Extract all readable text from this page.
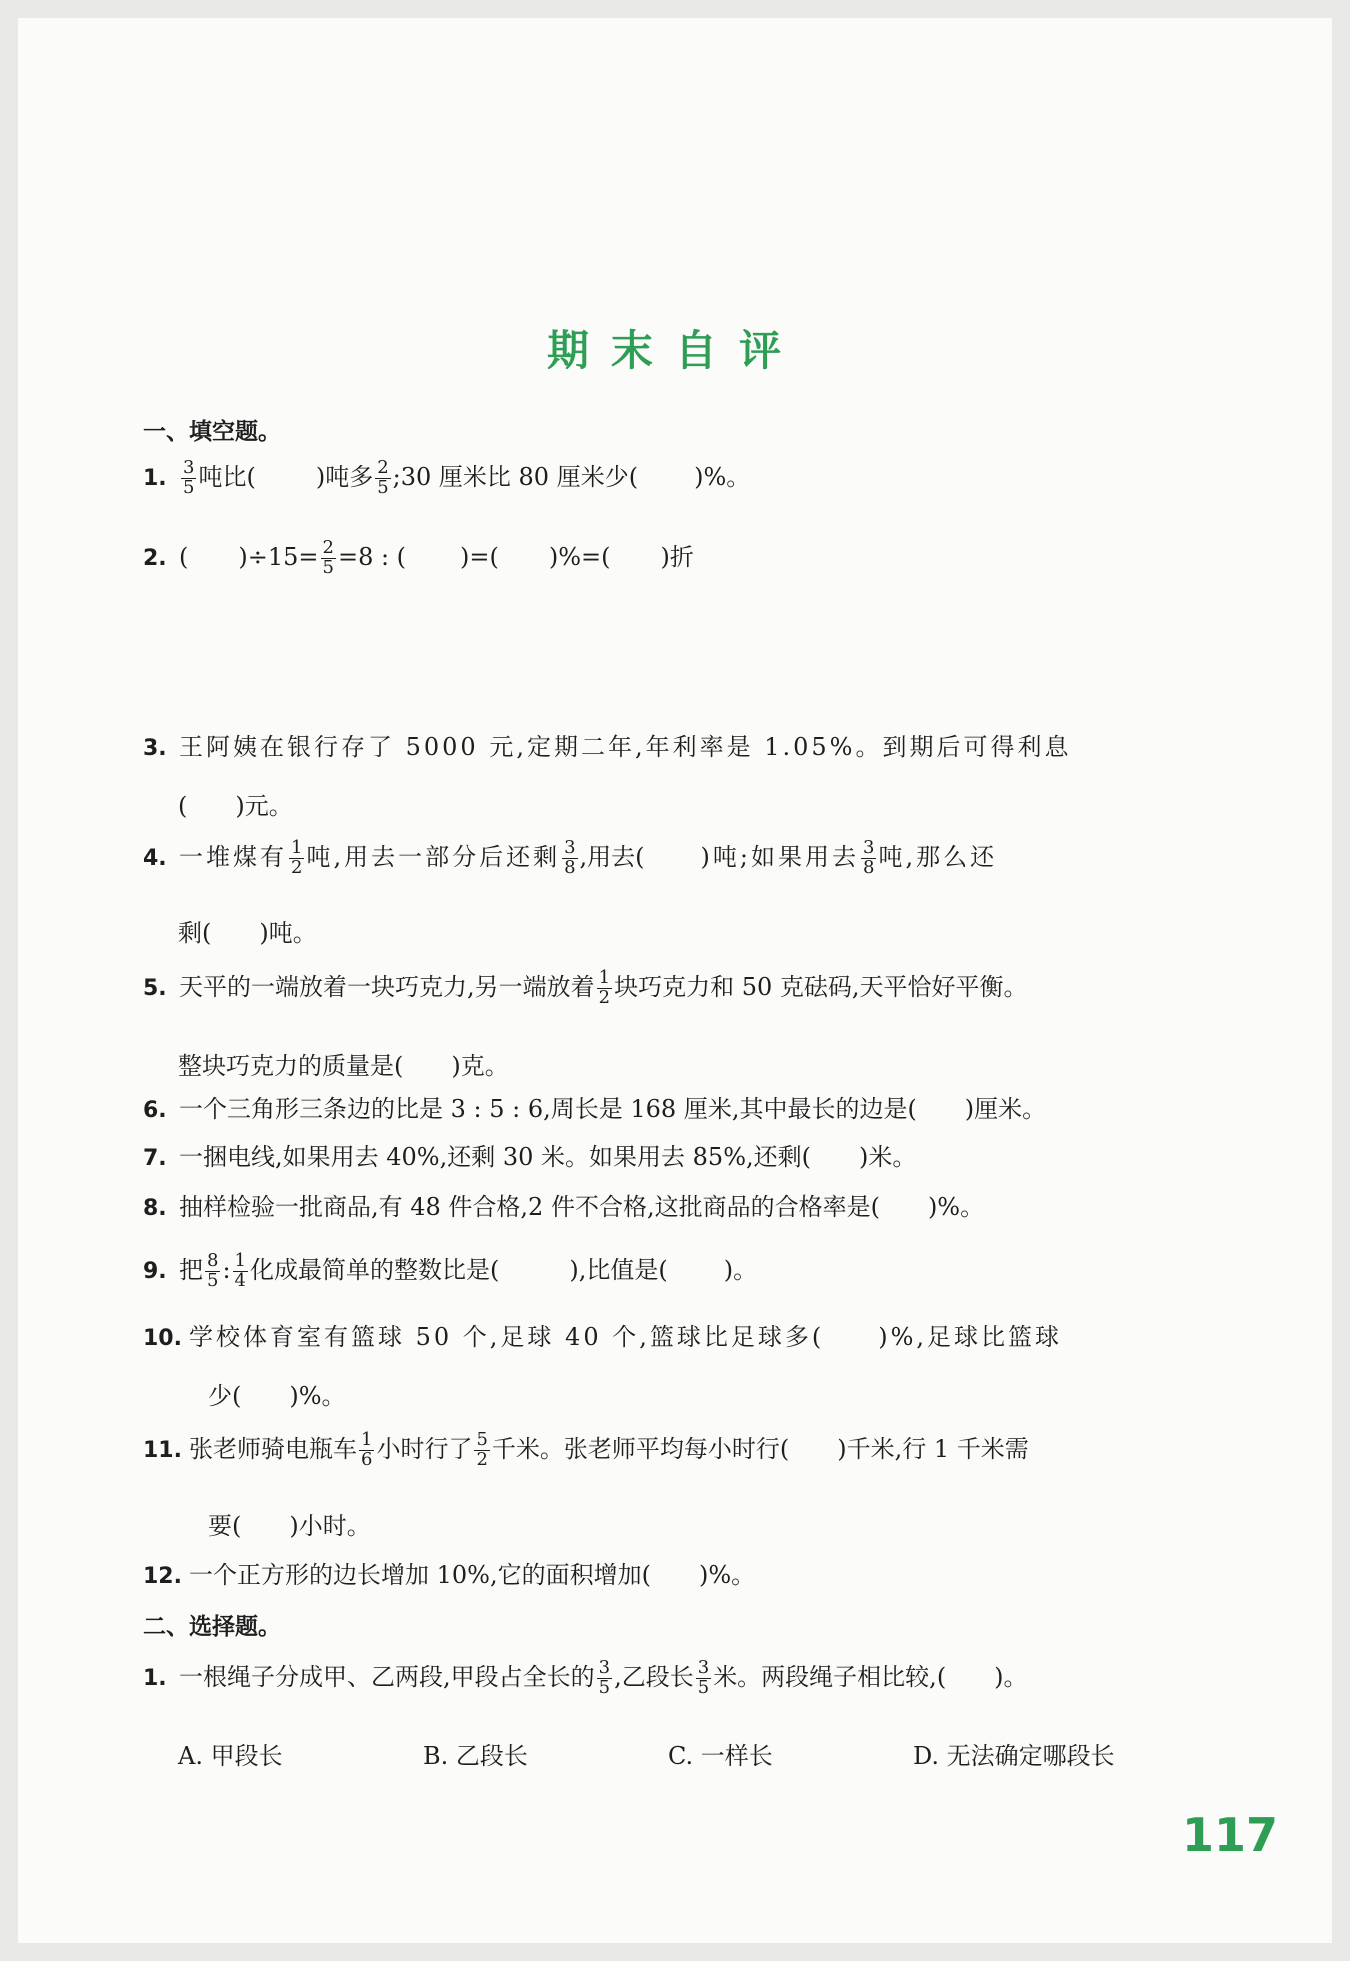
期末自评
一、填空题。
1. $\frac{3}{5}$ 吨比(	)吨多 $\frac{2}{5}$ ;30 厘米比 80 厘米少( )%。
2. ( )$\div 15= \frac{2}{5} =8$ : ( )=( )%=( )折
3. 王阿姨在银行存了 5000 元,定期二年,年利率是 1.05%。到期后可得利息
(　　)元。
4. 一堆煤有 $\frac{1}{2}$ 吨,用去一部分后还剩 $\frac{3}{8}$ ,用去( )吨;如果用去 $\frac{3}{8}$ 吨,那么还
剩(　　)吨。
5. 天平的一端放着一块巧克力,另一端放着 $\frac{1}{2}$ 块巧克力和 50 克砝码,天平恰好平衡。
整块巧克力的质量是(　　)克。
6. 一个三角形三条边的比是 3 : 5 : 6,周长是 168 厘米,其中最长的边是(　　)厘米。
7. 一捆电线,如果用去 40%,还剩 30 米。如果用去 85%,还剩(　　)米。
8. 抽样检验一批商品,有 48 件合格,2 件不合格,这批商品的合格率是(　　)%。
9. 把 $\frac{8}{5}$ : $\frac{1}{4}$ 化成最简单的整数比是(	),比值是( )。
10. 学校体育室有篮球 50 个,足球 40 个,篮球比足球多(　　)%,足球比篮球
少(　　)%。
11. 张老师骑电瓶车 $\frac{1}{6}$ 小时行了 $\frac{5}{2}$ 千米。张老师平均每小时行(　　)千米,行 1 千米需
要(　　)小时。
12. 一个正方形的边长增加 10%,它的面积增加(　　)%。
二、选择题。
1. 一根绳子分成甲、乙两段,甲段占全长的 $\frac{3}{5}$ ,乙段长 $\frac{3}{5}$ 米。两段绳子相比较,(　　)。
A. 甲段长	B. 乙段长	C. 一样长	D. 无法确定哪段长
117
